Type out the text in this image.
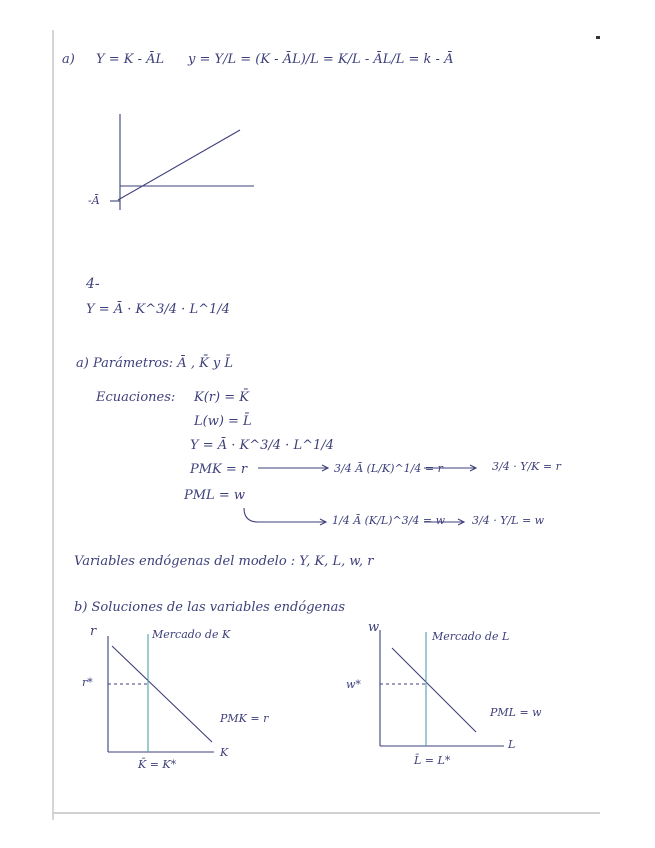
a) Y = K - ĀL y = Y/L = (K - ĀL)/L = K/L - ĀL/L = k - Ā
4-
Y = Ā · K^3/4 · L^1/4
a) Parámetros: Ā , K̄ y L̄
Ecuaciones: K(r) = K̄
L(w) = L̄
Y = Ā · K^3/4 · L^1/4
PMK = r
PML = w
3/4 Ā (L/K)^1/4 = r	3/4 · Y/K = r
1/4 Ā (K/L)^3/4 = w 3/4 · Y/L = w
Variables endógenas del modelo : Y, K, L, w, r
b) Soluciones de las variables endógenas
r
r*
Mercado de K
PMK = r
K
K̄ = K*
w
w*
Mercado de L
PML = w
L
L̄ = L*
-Ā
